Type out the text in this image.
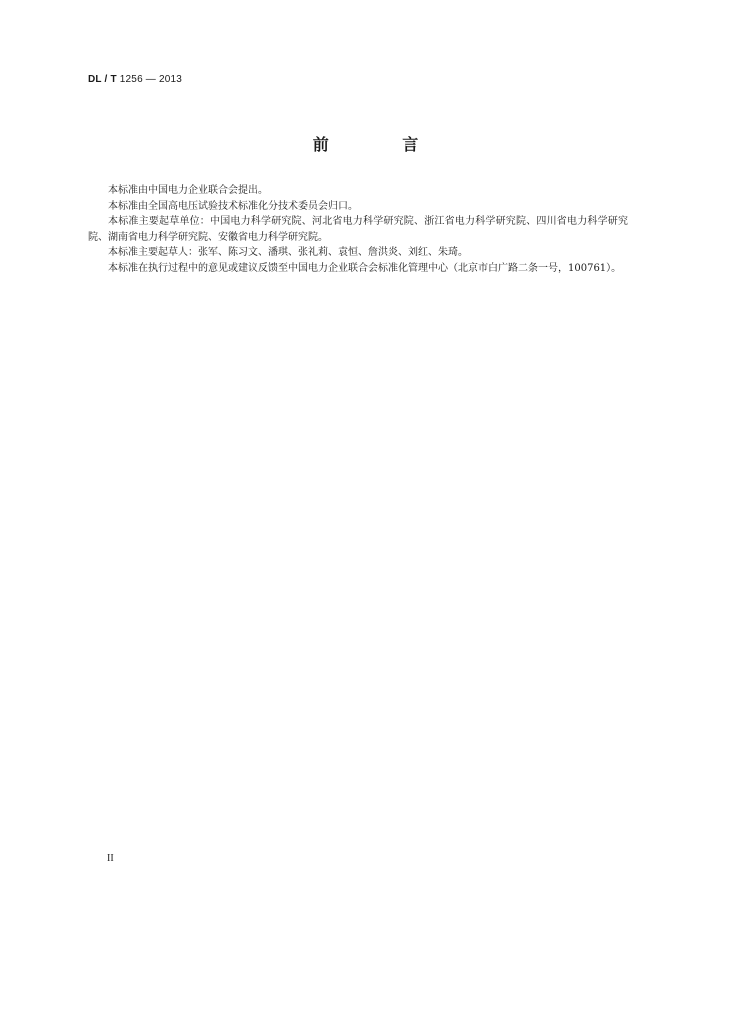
DL / T 1256 — 2013
前 言

本标准由中国电力企业联合会提出。

本标准由全国高电压试验技术标准化分技术委员会归口。

本标准主要起草单位：中国电力科学研究院、河北省电力科学研究院、浙江省电力科学研究院、四川省电力科学研究院、湖南省电力科学研究院、安徽省电力科学研究院。

本标准主要起草人：张军、陈习文、潘琪、张礼莉、袁恒、詹洪炎、刘红、朱琦。

本标准在执行过程中的意见或建议反馈至中国电力企业联合会标准化管理中心（北京市白广路二条一号，100761）。

II
